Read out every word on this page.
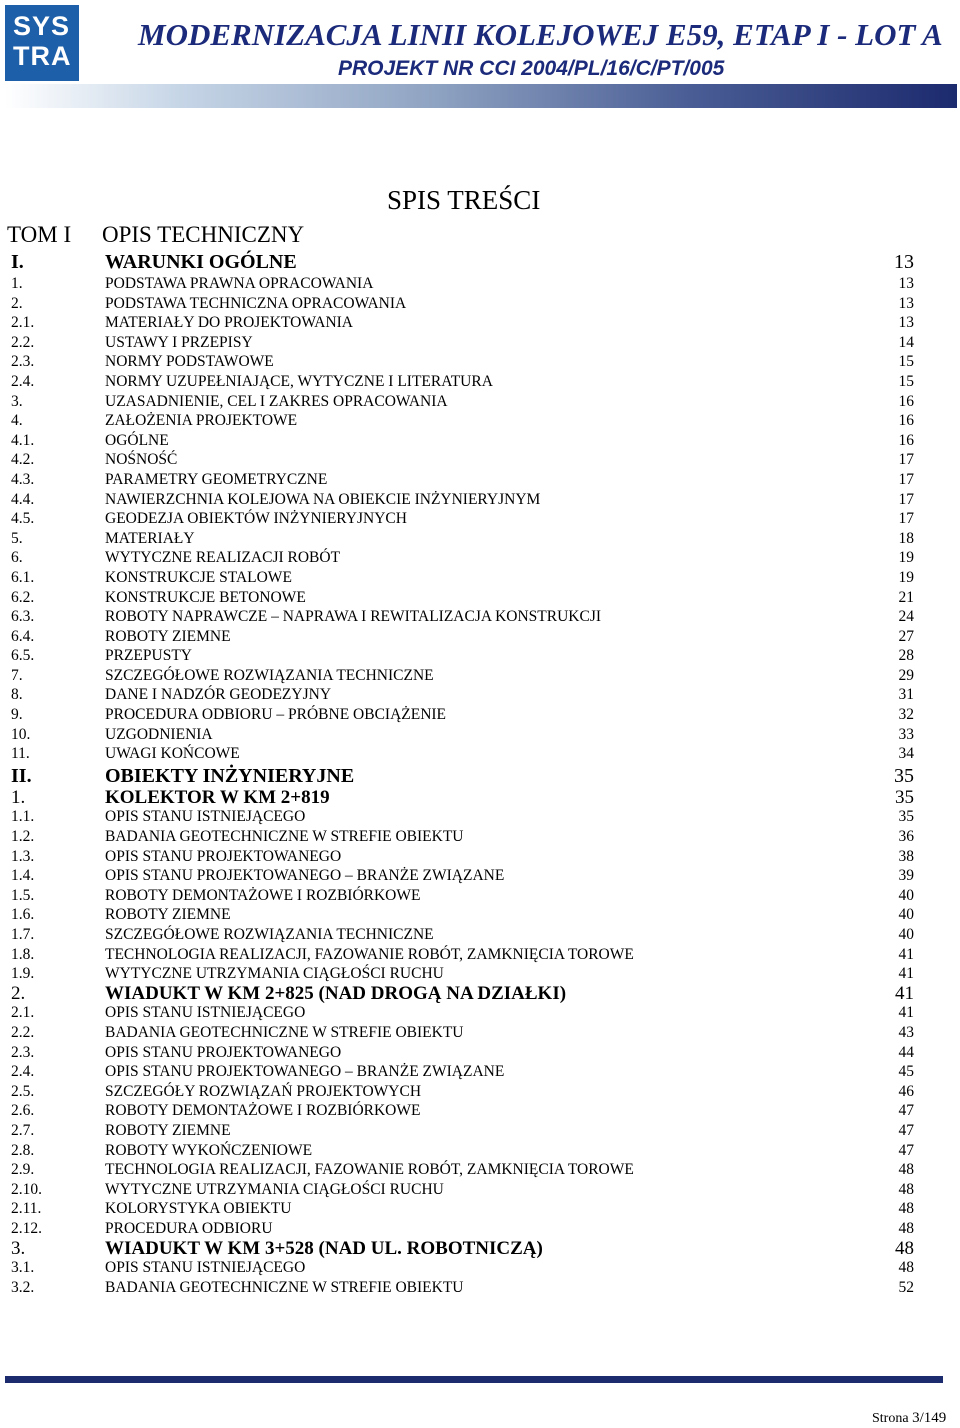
SYS
TRA
MODERNIZACJA LINII KOLEJOWEJ E59, ETAP I - LOT A
PROJEKT NR CCI 2004/PL/16/C/PT/005
SPIS TREŚCI
TOM I OPIS TECHNICZNY
I.	WARUNKI OGÓLNE	13
1.	PODSTAWA PRAWNA OPRACOWANIA	13
2.	PODSTAWA TECHNICZNA OPRACOWANIA	13
2.1.	MATERIAŁY DO PROJEKTOWANIA	13
2.2.	USTAWY I PRZEPISY	14
2.3.	NORMY PODSTAWOWE	15
2.4.	NORMY UZUPEŁNIAJĄCE, WYTYCZNE I LITERATURA	15
3.	UZASADNIENIE, CEL I ZAKRES OPRACOWANIA	16
4.	ZAŁOŻENIA PROJEKTOWE	16
4.1.	OGÓLNE	16
4.2.	NOŚNOŚĆ	17
4.3.	PARAMETRY GEOMETRYCZNE	17
4.4.	NAWIERZCHNIA KOLEJOWA NA OBIEKCIE INŻYNIERYJNYM	17
4.5.	GEODEZJA OBIEKTÓW INŻYNIERYJNYCH	17
5.	MATERIAŁY	18
6.	WYTYCZNE REALIZACJI ROBÓT	19
6.1.	KONSTRUKCJE STALOWE	19
6.2.	KONSTRUKCJE BETONOWE	21
6.3.	ROBOTY NAPRAWCZE – NAPRAWA I REWITALIZACJA KONSTRUKCJI	24
6.4.	ROBOTY ZIEMNE	27
6.5.	PRZEPUSTY	28
7.	SZCZEGÓŁOWE ROZWIĄZANIA TECHNICZNE	29
8.	DANE I NADZÓR GEODEZYJNY	31
9.	PROCEDURA ODBIORU – PRÓBNE OBCIĄŻENIE	32
10.	UZGODNIENIA	33
11.	UWAGI KOŃCOWE	34
II.	OBIEKTY INŻYNIERYJNE	35
1.	KOLEKTOR W KM 2+819	35
1.1.	OPIS STANU ISTNIEJĄCEGO	35
1.2.	BADANIA GEOTECHNICZNE W STREFIE OBIEKTU	36
1.3.	OPIS STANU PROJEKTOWANEGO	38
1.4.	OPIS STANU PROJEKTOWANEGO – BRANŻE ZWIĄZANE	39
1.5.	ROBOTY DEMONTAŻOWE I ROZBIÓRKOWE	40
1.6.	ROBOTY ZIEMNE	40
1.7.	SZCZEGÓŁOWE ROZWIĄZANIA TECHNICZNE	40
1.8.	TECHNOLOGIA REALIZACJI, FAZOWANIE ROBÓT, ZAMKNIĘCIA TOROWE	41
1.9.	WYTYCZNE UTRZYMANIA CIĄGŁOŚCI RUCHU	41
2.	WIADUKT W KM 2+825 (NAD DROGĄ NA DZIAŁKI)	41
2.1.	OPIS STANU ISTNIEJĄCEGO	41
2.2.	BADANIA GEOTECHNICZNE W STREFIE OBIEKTU	43
2.3.	OPIS STANU PROJEKTOWANEGO	44
2.4.	OPIS STANU PROJEKTOWANEGO – BRANŻE ZWIĄZANE	45
2.5.	SZCZEGÓŁY ROZWIĄZAŃ PROJEKTOWYCH	46
2.6.	ROBOTY DEMONTAŻOWE I ROZBIÓRKOWE	47
2.7.	ROBOTY ZIEMNE	47
2.8.	ROBOTY WYKOŃCZENIOWE	47
2.9.	TECHNOLOGIA REALIZACJI, FAZOWANIE ROBÓT, ZAMKNIĘCIA TOROWE	48
2.10.	WYTYCZNE UTRZYMANIA CIĄGŁOŚCI RUCHU	48
2.11.	KOLORYSTYKA OBIEKTU	48
2.12.	PROCEDURA ODBIORU	48
3.	WIADUKT W KM 3+528 (NAD UL. ROBOTNICZĄ)	48
3.1.	OPIS STANU ISTNIEJĄCEGO	48
3.2.	BADANIA GEOTECHNICZNE W STREFIE OBIEKTU	52
Strona 3/149
